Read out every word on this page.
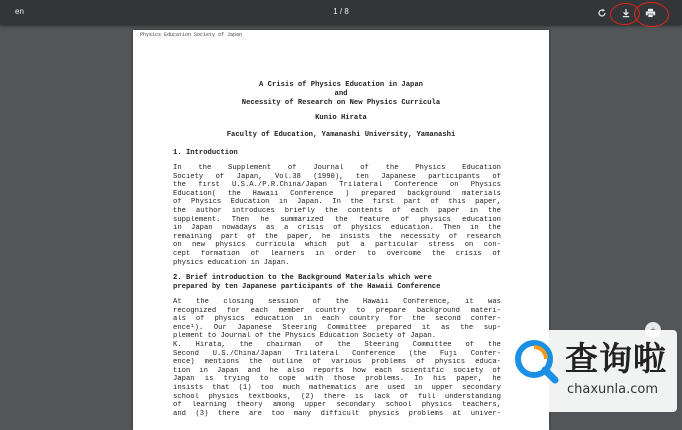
en	1 / 8
Physics Education Society of Japan
A Crisis of Physics Education in Japan
and
Necessity of Research on New Physics Curricula
Kunio Hirata
Faculty of Education, Yamanashi University, Yamanashi
1. Introduction
In the Supplement of Journal of the Physics Education
Society of Japan, Vol.38 (1990), ten Japanese participants of
the first U.S.A./P.R.China/Japan Trilateral Conference on Physics
Education( the Hawaii Conference ) prepared background materials
of Physics Education in Japan. In the first part of this paper,
the author introduces briefly the contents of each paper in the
supplement. Then he summarized the feature of physics education
in Japan nowadays as a crisis of physics education. Then in the
remaining part of the paper, he insists the necessity of research
on new physics curricula which put a particular stress on con-
cept formation of learners in order to overcome the crisis of
physics education in Japan.
2. Brief introduction to the Background Materials which were
prepared by ten Japanese participants of the Hawaii Conference
At the closing session of the Hawaii Conference, it was
recognized for each member country to prepare background materi-
als of physics education in each country for the second confer-
ence¹). Our Japanese Steering Committee prepared it as the sup-
plement to Journal of the Physics Education Society of Japan.
K. Hirata, the chairman of the Steering Committee of the
Second U.S./China/Japan Trilateral Conference (the Fuji Confer-
ence) mentions the outline of various problems of physics educa-
tion in Japan and he also reports how each scientific society of
Japan is trying to cope with those problems. In his paper, he
insists that (1) too much mathematics are used in upper secondary
school physics textbooks, (2) there is lack of full understanding
of learning theory among upper secondary school physics teachers,
and (3) there are too many difficult physics problems at univer-
查询啦
chaxunla.com
